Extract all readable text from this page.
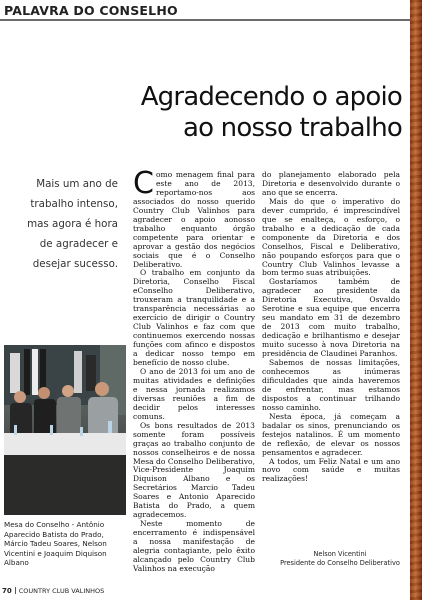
PALAVRA DO CONSELHO
Agradecendo o apoio
ao nosso trabalho
Mais um ano de
trabalho intenso,
mas agora é hora
de agradecer e
desejar sucesso.

Como menagem final para este ano de 2013, reportamo-nos aos associados do nosso querido Country Club Valinhos para agradecer o apoio aonosso trabalho enquanto órgão competente para orientar e aprovar a gestão dos negócios sociais que é o Conselho Deliberativo.

O trabalho em conjunto da Diretoria, Conselho Fiscal eConselho Deliberativo, trouxeram a tranquilidade e a transparência necessárias ao exercício de dirigir o Country Club Valinhos e faz com que continuemos exercendo nossas funções com afinco e dispostos a dedicar nosso tempo em benefício de nosso clube.

O ano de 2013 foi um ano de muitas atividades e definições e nessa jornada realizamos diversas reuniões a fim de decidir pelos interesses comuns.

Os bons resultados de 2013 somente foram possíveis graças ao trabalho conjunto de nossos conselheiros e de nossa Mesa do Conselho Deliberativo, Vice-Presidente Joaquim Diquison Albano e os Secretários Marcio Tadeu Soares e Antonio Aparecido Batista do Prado, a quem agradecemos.

Neste momento de encerramento é indispensável a nossa manifestação de alegria contagiante, pelo êxito alcançado pelo Country Club Valinhos na execução

do planejamento elaborado pela Diretoria e desenvolvido durante o ano que se encerra.

Mais do que o imperativo do dever cumprido, é imprescindível que se enalteça, o esforço, o trabalho e a dedicação de cada componente da Diretoria e dos Conselhos, Fiscal e Deliberativo, não poupando esforços para que o Country Club Valinhos levasse a bom termo suas atribuições.

Gostaríamos também de agradecer ao presidente da Diretoria Executiva, Osvaldo Serotine e sua equipe que encerra seu mandato em 31 de dezembro de 2013 com muito trabalho, dedicação e brilhantismo e desejar muito sucesso à nova Diretoria na presidência de Claudinei Paranhos.

Sabemos de nossas limitações, conhecemos as inúmeras dificuldades que ainda haveremos de enfrentar, mas estamos dispostos a continuar trilhando nosso caminho.

Nesta época, já começam a badalar os sinos, prenunciando os festejos natalinos. É um momento de reflexão, de elevar os nossos pensamentos e agradecer.

A todos, um Feliz Natal e um ano novo com saúde e muitas realizações!

Mesa do Conselho - Antônio Aparecido Batista do Prado, Márcio Tadeu Soares, Nelson Vicentini e Joaquim Diquison Albano
Nelson Vicentini
Presidente do Conselho Deliberativo
70 COUNTRY CLUB VALINHOS
